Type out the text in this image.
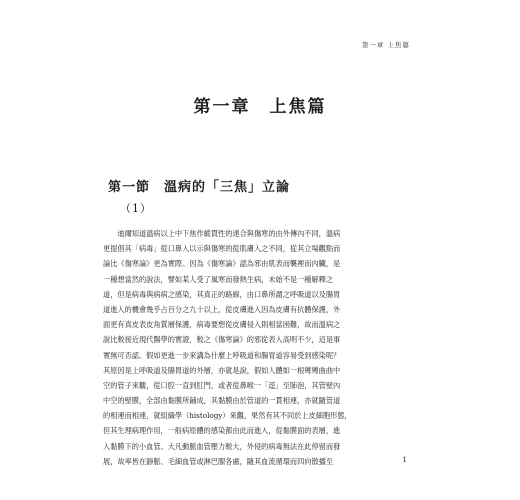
第一章 上焦篇
第一章　上焦篇
第一節　溫病的「三焦」立論
（1）
　　迪爾知道溫病以上中下焦作縱貫性的達合與傷寒的由外傳內不同，溫病
更提倡其「病毒」從口鼻入以示與傷寒的從肌膚入之不同，從其立場觀點而
論比《傷寒論》更為實際。因為《傷寒論》認為邪由肌表而襲裡而內臟，是
一種想當然的說法，譬如某人受了風寒而發熱生病，未始不是一種解釋之
道，但是病毒與病病之感染，其真正的路線，由口鼻所謂之呼吸道以及腸胃
道進入的機會幾乎占百分之九十以上，從皮膚進入因為皮膚有抗體保護，外
面更有真皮表皮角質層保護，病毒要想從皮膚侵入則相當困難，故而溫病之
說比較接近現代醫學的實證，較之《傷寒論》的邪從表入高明不少，這是事
實無可否認。假如更進一步來講為什麼上呼吸道和腸胃道容易受到感染呢？
其原因是上呼吸道及腸胃道的外層，亦就是說，假如人體如一根彎彎曲曲中
空的管子來觀，從口腔一直到肛門，或者從鼻喉一「逕」至肺泡，其管壁內
中空的壁膜，全部由黏膜所鋪成，其黏膜由於管道的一貫相連，亦就隨管道
的相連而相連，就組織學（histology）來觀，果然有其不同於上皮細胞形態，
但其生理病理作用，一般病原體的感染都由此而進入，從黏膜面的表層，進
入黏膜下的小血管。大凡動脈血管壓力較大，外侵的病毒無法在此停留而發
展，故率皆在靜脈、毛細血管或淋巴腺各處，隨其血流循環而四向散播至	1
